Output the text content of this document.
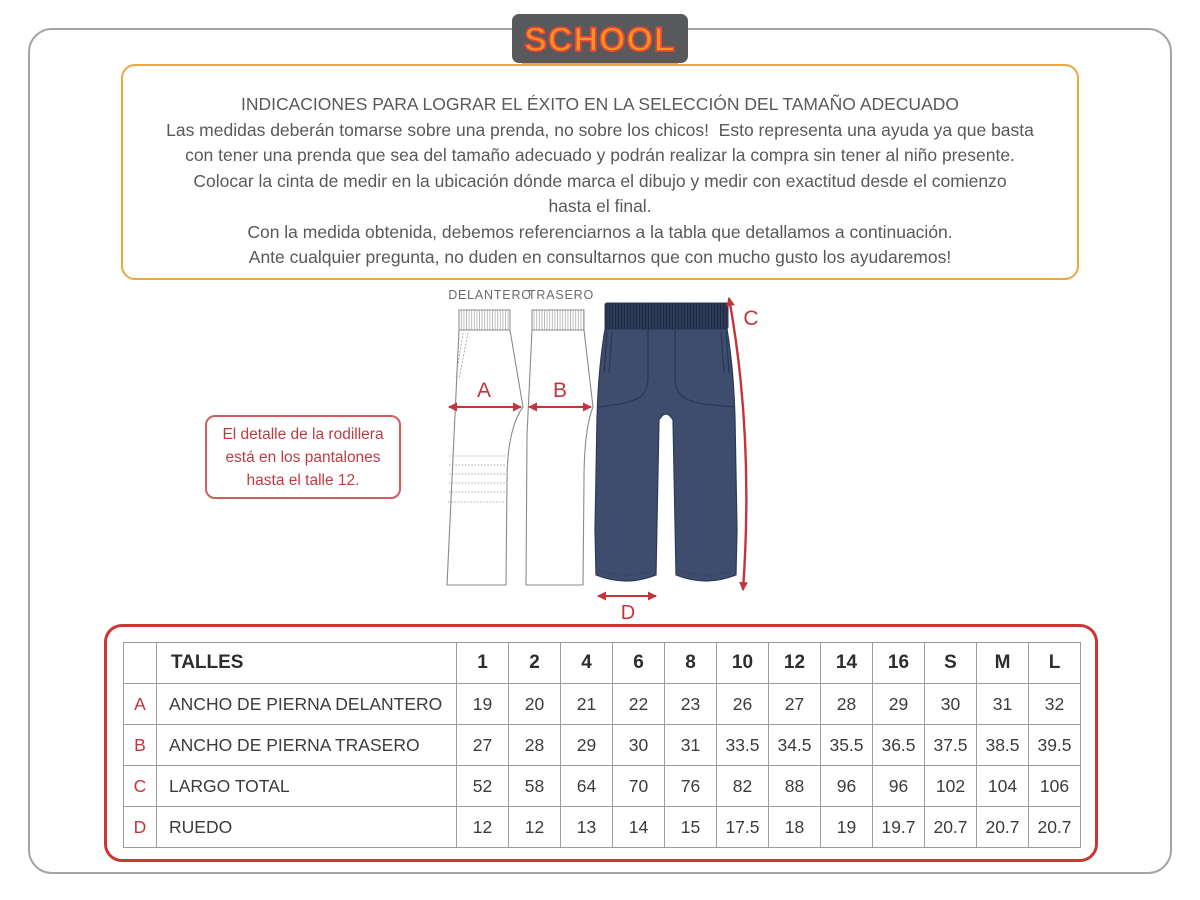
SCHOOL
INDICACIONES PARA LOGRAR EL ÉXITO EN LA SELECCIÓN DEL TAMAÑO ADECUADO
Las medidas deberán tomarse sobre una prenda, no sobre los chicos!  Esto representa una ayuda ya que basta
con tener una prenda que sea del tamaño adecuado y podrán realizar la compra sin tener al niño presente.
Colocar la cinta de medir en la ubicación dónde marca el dibujo y medir con exactitud desde el comienzo
hasta el final.
Con la medida obtenida, debemos referenciarnos a la tabla que detallamos a continuación.
Ante cualquier pregunta, no duden en consultarnos que con mucho gusto los ayudaremos!
DELANTERO
TRASERO
A	B
C
D
El detalle de la rodillera
está en los pantalones
hasta el talle 12.
	TALLES	1	2	4	6	8	10	12	14	16	S	M	L
A	ANCHO DE PIERNA DELANTERO	19	20	21	22	23	26	27	28	29	30	31	32
B	ANCHO DE PIERNA TRASERO	27	28	29	30	31	33.5	34.5	35.5	36.5	37.5	38.5	39.5
C	LARGO TOTAL	52	58	64	70	76	82	88	96	96	102	104	106
D	RUEDO	12	12	13	14	15	17.5	18	19	19.7	20.7	20.7	20.7
